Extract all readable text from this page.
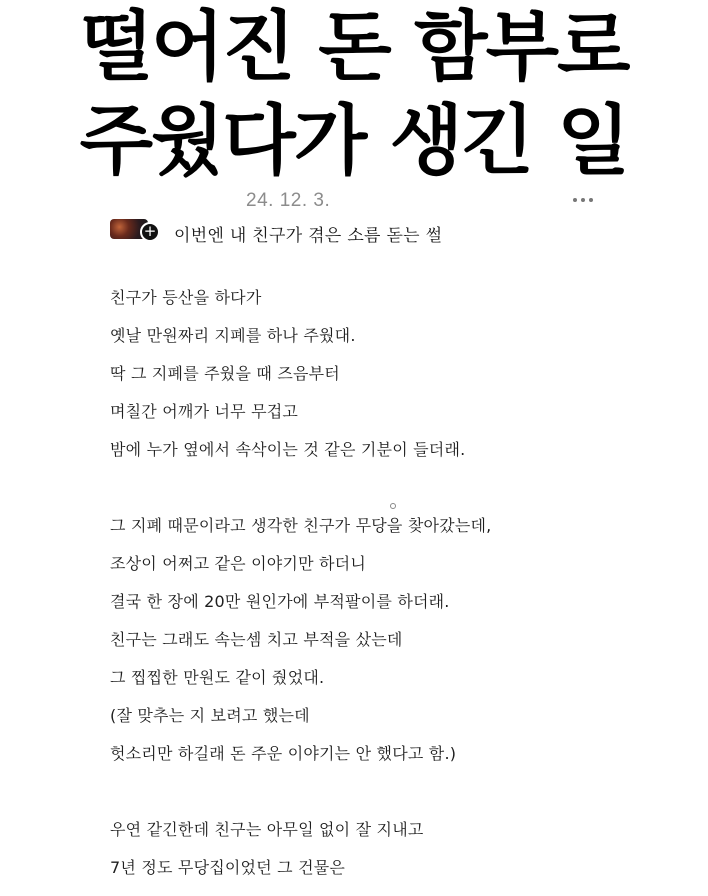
떨어진 돈 함부로
주웠다가 생긴 일
24. 12. 3.
+ 이번엔 내 친구가 겪은 소름 돋는 썰
친구가 등산을 하다가
옛날 만원짜리 지폐를 하나 주웠대.
딱 그 지폐를 주웠을 때 즈음부터
며칠간 어깨가 너무 무겁고
밤에 누가 옆에서 속삭이는 것 같은 기분이 들더래.
그 지폐 때문이라고 생각한 친구가 무당을 찾아갔는데,
조상이 어쩌고 같은 이야기만 하더니
결국 한 장에 20만 원인가에 부적팔이를 하더래.
친구는 그래도 속는셈 치고 부적을 샀는데
그 찝찝한 만원도 같이 줬었대.
(잘 맞추는 지 보려고 했는데
헛소리만 하길래 돈 주운 이야기는 안 했다고 함.)
우연 같긴한데 친구는 아무일 없이 잘 지내고
7년 정도 무당집이었던 그 건물은
